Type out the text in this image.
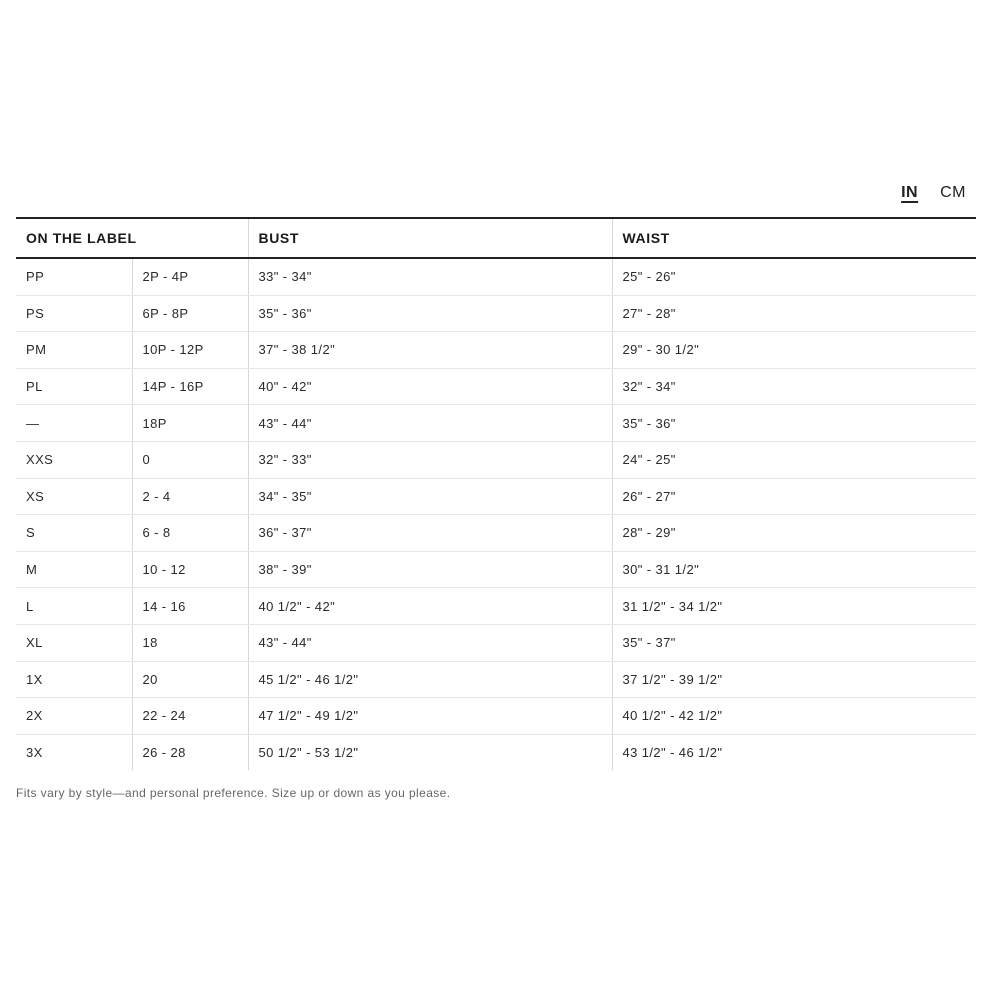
IN CM
ON THE LABEL		BUST	WAIST
PP	2P - 4P	33" - 34"	25" - 26"
PS	6P - 8P	35" - 36"	27" - 28"
PM	10P - 12P	37" - 38 1/2"	29" - 30 1/2"
PL	14P - 16P	40" - 42"	32" - 34"
—	18P	43" - 44"	35" - 36"
XXS	0	32" - 33"	24" - 25"
XS	2 - 4	34" - 35"	26" - 27"
S	6 - 8	36" - 37"	28" - 29"
M	10 - 12	38" - 39"	30" - 31 1/2"
L	14 - 16	40 1/2" - 42"	31 1/2" - 34 1/2"
XL	18	43" - 44"	35" - 37"
1X	20	45 1/2" - 46 1/2"	37 1/2" - 39 1/2"
2X	22 - 24	47 1/2" - 49 1/2"	40 1/2" - 42 1/2"
3X	26 - 28	50 1/2" - 53 1/2"	43 1/2" - 46 1/2"
Fits vary by style—and personal preference. Size up or down as you please.
